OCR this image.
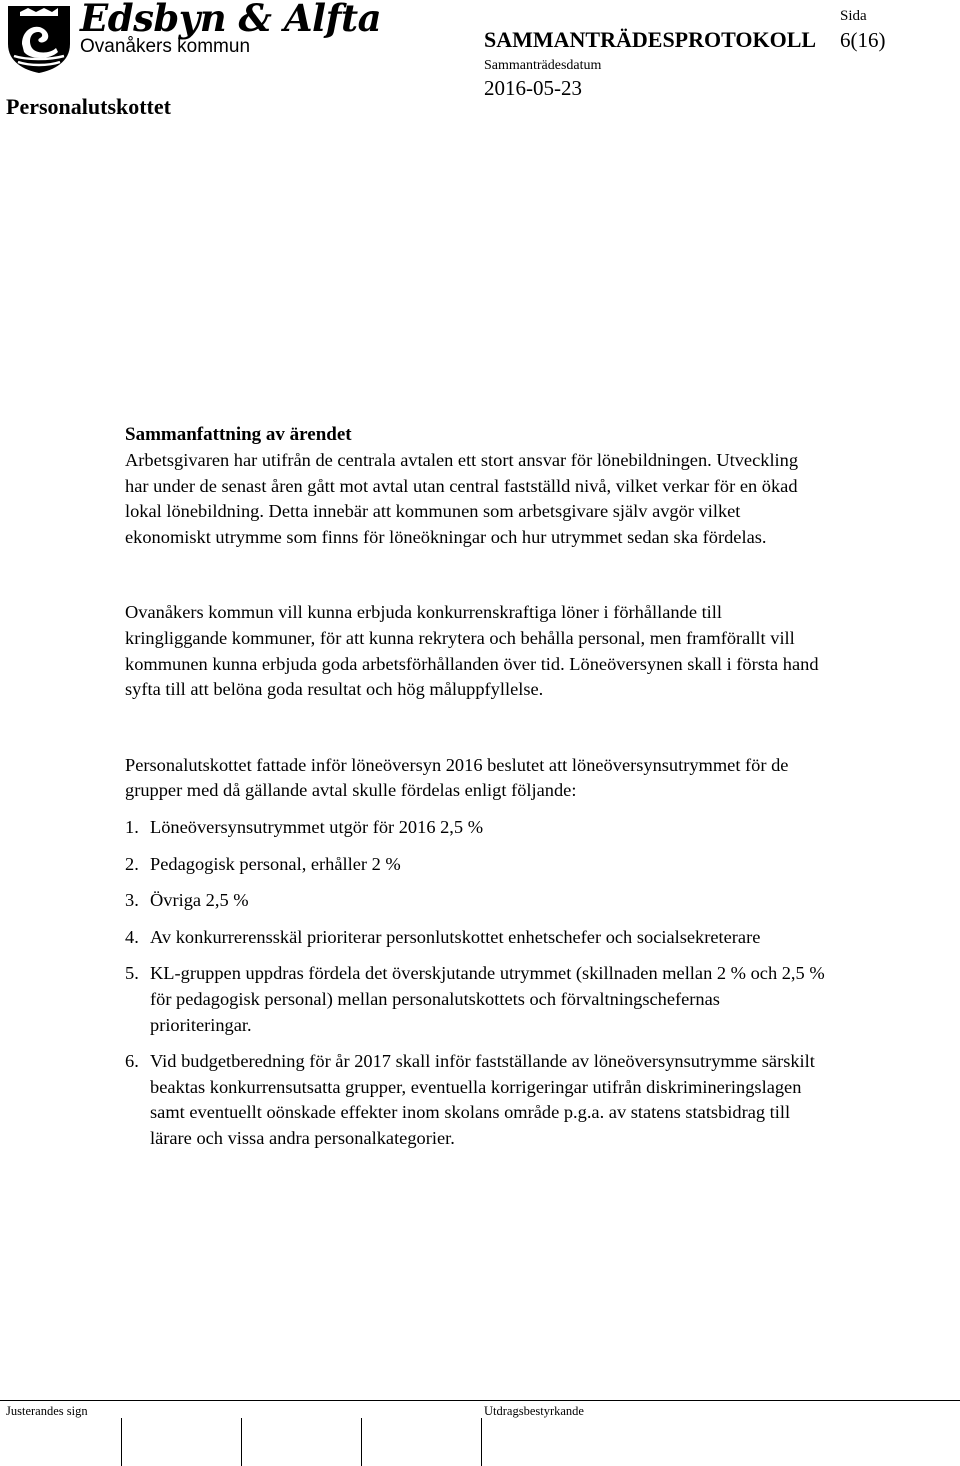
Edsbyn & Alfta
Ovanåkers kommun
Personalutskottet
SAMMANTRÄDESPROTOKOLL
Sida
6(16)
Sammanträdesdatum
2016-05-23

Sammanfattning av ärendet

Arbetsgivaren har utifrån de centrala avtalen ett stort ansvar för lönebildningen. Utveckling har under de senast åren gått mot avtal utan central fastställd nivå, vilket verkar för en ökad lokal lönebildning. Detta innebär att kommunen som arbetsgivare själv avgör vilket ekonomiskt utrymme som finns för löneökningar och hur utrymmet sedan ska fördelas.

Ovanåkers kommun vill kunna erbjuda konkurrenskraftiga löner i förhållande till kringliggande kommuner, för att kunna rekrytera och behålla personal, men framförallt vill kommunen kunna erbjuda goda arbetsförhållanden över tid. Löneöversynen skall i första hand syfta till att belöna goda resultat och hög måluppfyllelse.

Personalutskottet fattade inför löneöversyn 2016 beslutet att löneöversynsutrymmet för de grupper med då gällande avtal skulle fördelas enligt följande:

1. Löneöversynsutrymmet utgör för 2016 2,5 %
2. Pedagogisk personal, erhåller 2 %
3. Övriga 2,5 %
4. Av konkurrerensskäl prioriterar personlutskottet enhetschefer och socialsekreterare
5. KL-gruppen uppdras fördela det överskjutande utrymmet (skillnaden mellan 2 % och 2,5 % för pedagogisk personal) mellan personalutskottets och förvaltningschefernas prioriteringar.
6. Vid budgetberedning för år 2017 skall inför fastställande av löneöversynsutrymme särskilt beaktas konkurrensutsatta grupper, eventuella korrigeringar utifrån diskrimineringslagen samt eventuellt oönskade effekter inom skolans område p.g.a. av statens statsbidrag till lärare och vissa andra personalkategorier.
Justerandes sign	Utdragsbestyrkande
